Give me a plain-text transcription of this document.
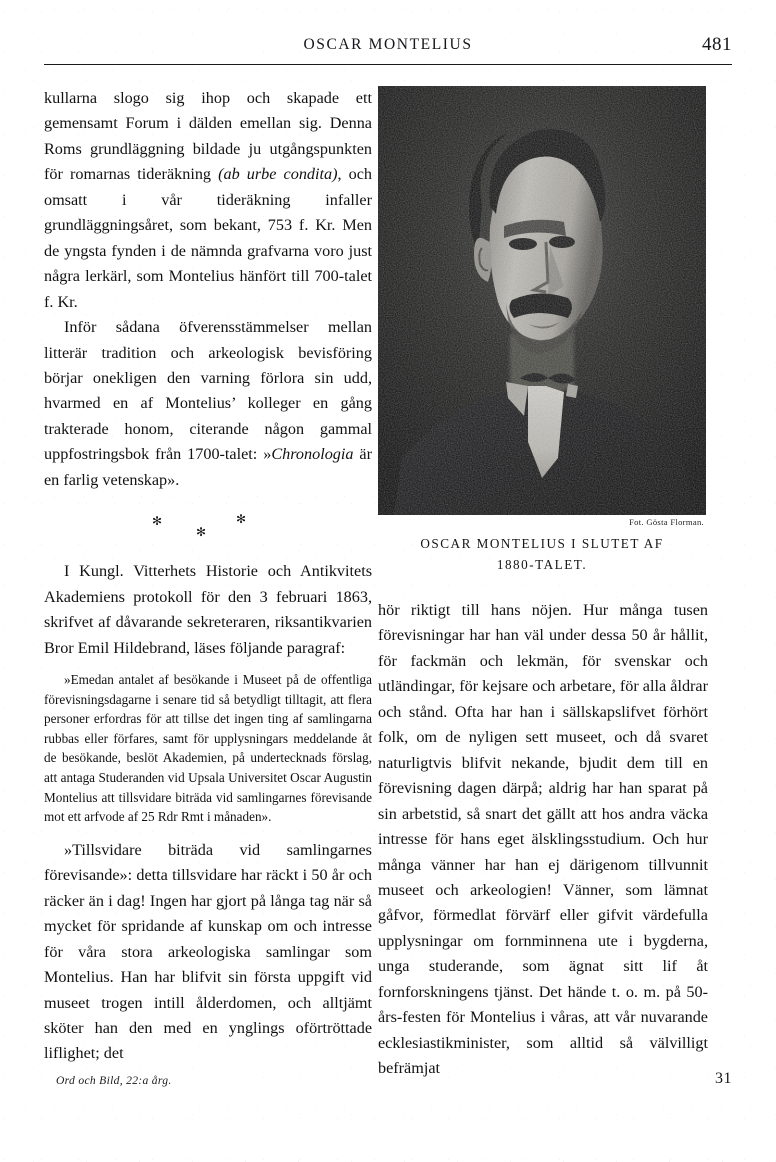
OSCAR MONTELIUS	481

kullarna slogo sig ihop och skapade ett gemensamt Forum i dälden emellan sig. Denna Roms grundläggning bildade ju utgångspunkten för romarnas tideräkning (ab urbe condita), och omsatt i vår tideräkning infaller grundläggningsåret, som bekant, 753 f. Kr. Men de yngsta fynden i de nämnda grafvarna voro just några lerkärl, som Montelius hänfört till 700-talet f. Kr.

Inför sådana öfverensstämmelser mellan litterär tradition och arkeologisk bevisföring börjar onekligen den varning förlora sin udd, hvarmed en af Montelius’ kolleger en gång trakterade honom, citerande någon gammal uppfostringsbok från 1700-talet: »Chronologia är en farlig vetenskap».

✻
✻
✻

I Kungl. Vitterhets Historie och Antikvitets Akademiens protokoll för den 3 februari 1863, skrifvet af dåvarande sekreteraren, riksantikvarien Bror Emil Hildebrand, läses följande paragraf:

»Emedan antalet af besökande i Museet på de offentliga förevisningsdagarne i senare tid så betydligt tilltagit, att flera personer erfordras för att tillse det ingen ting af samlingarna rubbas eller förfares, samt för upplysningars meddelande åt de besökande, beslöt Akademien, på undertecknads förslag, att antaga Studeranden vid Upsala Universitet Oscar Augustin Montelius att tillsvidare biträda vid samlingarnes förevisande mot ett arfvode af 25 Rdr Rmt i månaden».

»Tillsvidare biträda vid samlingarnes förevisande»: detta tillsvidare har räckt i 50 år och räcker än i dag! Ingen har gjort på långa tag när så mycket för spridande af kunskap om och intresse för våra stora arkeologiska samlingar som Montelius. Han har blifvit sin första uppgift vid museet trogen intill ålderdomen, och alltjämt sköter han den med en ynglings oförtröttade liflighet; det

Fot. Gösta Florman.
OSCAR MONTELIUS I SLUTET AF
1880-TALET.

hör riktigt till hans nöjen. Hur många tusen förevisningar har han väl under dessa 50 år hållit, för fackmän och lekmän, för svenskar och utländingar, för kejsare och arbetare, för alla åldrar och stånd. Ofta har han i sällskapslifvet förhört folk, om de nyligen sett museet, och då svaret naturligtvis blifvit nekande, bjudit dem till en förevisning dagen därpå; aldrig har han sparat på sin arbetstid, så snart det gällt att hos andra väcka intresse för hans eget älsklingsstudium. Och hur många vänner har han ej därigenom tillvunnit museet och arkeologien! Vänner, som lämnat gåfvor, förmedlat förvärf eller gifvit värdefulla upplysningar om fornminnena ute i bygderna, unga studerande, som ägnat sitt lif åt fornforskningens tjänst. Det hände t. o. m. på 50-års-festen för Montelius i våras, att vår nuvarande ecklesiastikminister, som alltid så välvilligt befrämjat

Ord och Bild, 22:a årg.	31
